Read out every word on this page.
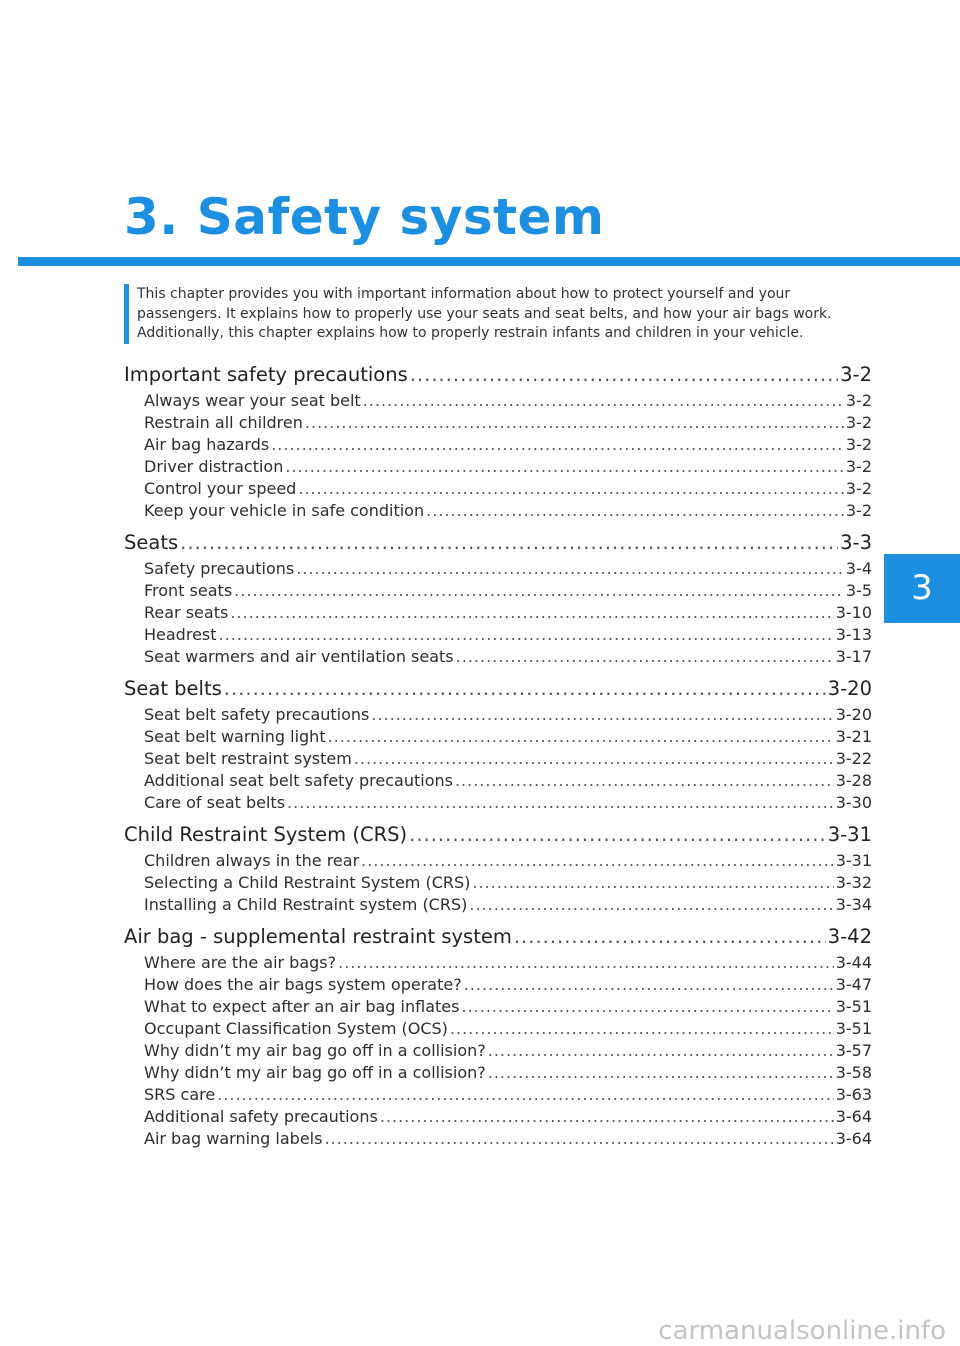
3. Safety system
This chapter provides you with important information about how to protect yourself and your
passengers. It explains how to properly use your seats and seat belts, and how your air bags work.
Additionally, this chapter explains how to properly restrain infants and children in your vehicle.
Important safety precautions .....	3-2
Always wear your seat belt .....	3-2
Restrain all children .....	3-2
Air bag hazards .....	3-2
Driver distraction .....	3-2
Control your speed .....	3-2
Keep your vehicle in safe condition .....	3-2
Seats .....	3-3
Safety precautions .....	3-4
Front seats .....	3-5
Rear seats .....	3-10
Headrest .....	3-13
Seat warmers and air ventilation seats .....	3-17
Seat belts .....	3-20
Seat belt safety precautions .....	3-20
Seat belt warning light .....	3-21
Seat belt restraint system .....	3-22
Additional seat belt safety precautions .....	3-28
Care of seat belts .....	3-30
Child Restraint System (CRS) .....	3-31
Children always in the rear .....	3-31
Selecting a Child Restraint System (CRS) .....	3-32
Installing a Child Restraint system (CRS) .....	3-34
Air bag - supplemental restraint system .....	3-42
Where are the air bags? .....	3-44
How does the air bags system operate? .....	3-47
What to expect after an air bag inflates .....	3-51
Occupant Classification System (OCS) .....	3-51
Why didn’t my air bag go off in a collision? .....	3-57
Why didn’t my air bag go off in a collision? .....	3-58
SRS care .....	3-63
Additional safety precautions .....	3-64
Air bag warning labels .....	3-64
3
carmanualsonline.info
